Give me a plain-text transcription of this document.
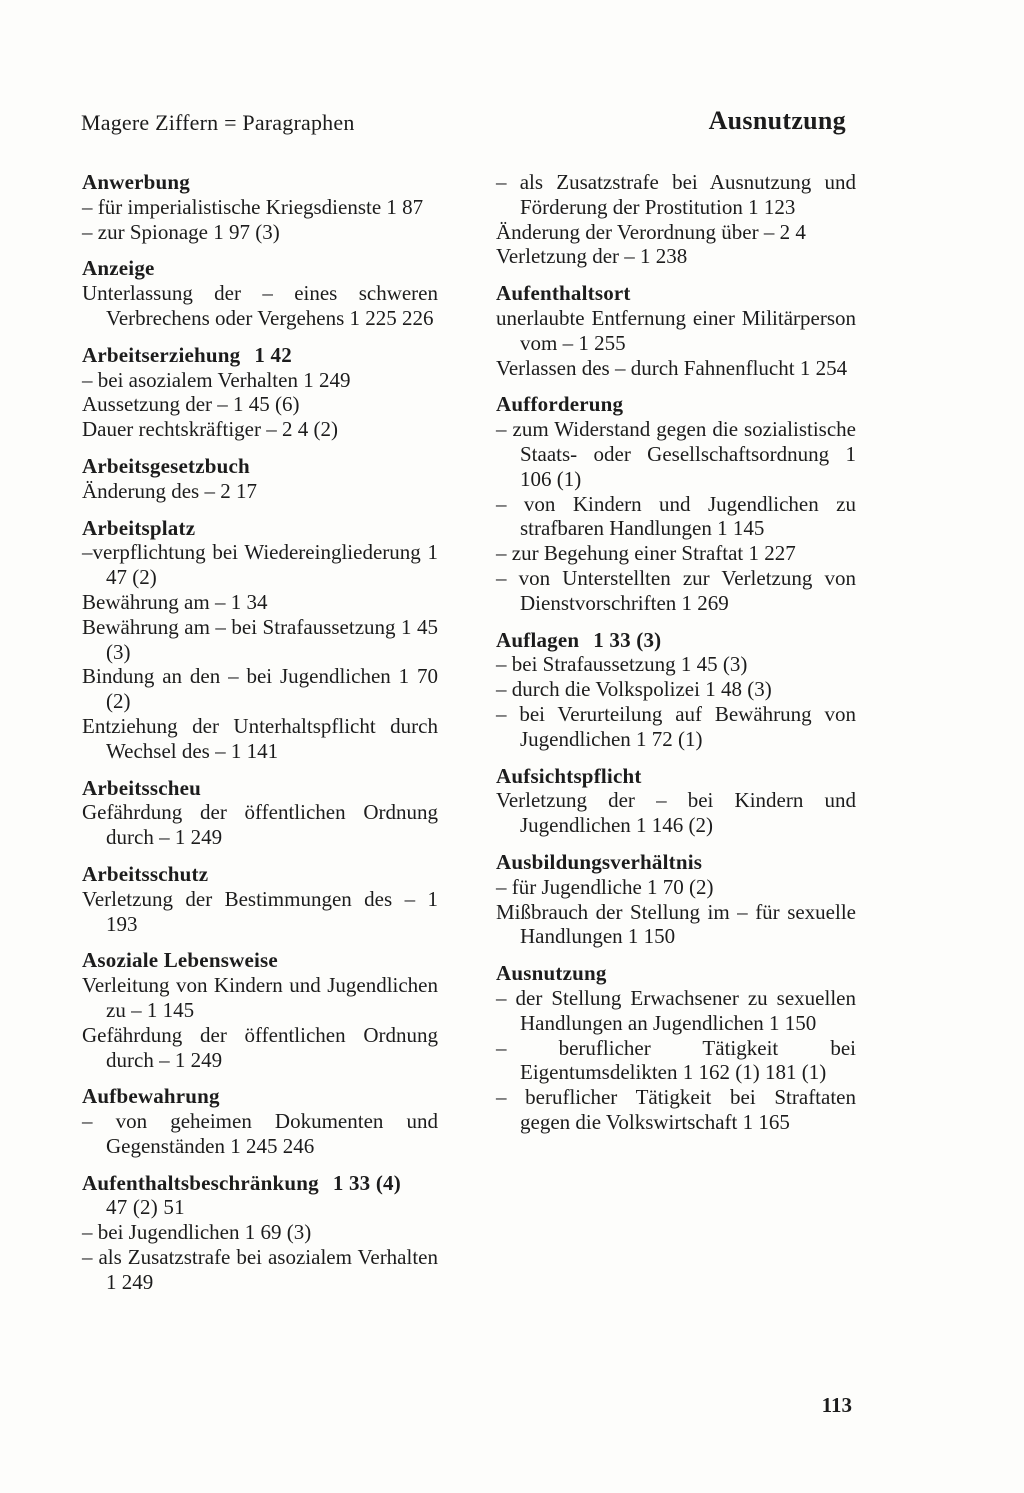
Magere Ziffern = Paragraphen	Ausnutzung
Anwerbung
– für imperialistische Kriegsdienste 1 87
– zur Spionage 1 97 (3)
Anzeige
Unterlassung der – eines schweren Verbrechens oder Vergehens 1 225 226
Arbeitserziehung 1 42
– bei asozialem Verhalten 1 249
Aussetzung der – 1 45 (6)
Dauer rechtskräftiger – 2 4 (2)
Arbeitsgesetzbuch
Änderung des – 2 17
Arbeitsplatz
–verpflichtung bei Wiedereingliederung 1 47 (2)
Bewährung am – 1 34
Bewährung am – bei Strafaussetzung 1 45 (3)
Bindung an den – bei Jugendlichen 1 70 (2)
Entziehung der Unterhaltspflicht durch Wechsel des – 1 141
Arbeitsscheu
Gefährdung der öffentlichen Ordnung durch – 1 249
Arbeitsschutz
Verletzung der Bestimmungen des – 1 193
Asoziale Lebensweise
Verleitung von Kindern und Jugendlichen zu – 1 145
Gefährdung der öffentlichen Ordnung durch – 1 249
Aufbewahrung
– von geheimen Dokumenten und Gegenständen 1 245 246
Aufenthaltsbeschränkung 1 33 (4)
47 (2) 51
– bei Jugendlichen 1 69 (3)
– als Zusatzstrafe bei asozialem Verhalten 1 249
– als Zusatzstrafe bei Ausnutzung und Förderung der Prostitution 1 123
Änderung der Verordnung über – 2 4
Verletzung der – 1 238
Aufenthaltsort
unerlaubte Entfernung einer Militärperson vom – 1 255
Verlassen des – durch Fahnenflucht 1 254
Aufforderung
– zum Widerstand gegen die sozialistische Staats- oder Gesellschaftsordnung 1 106 (1)
– von Kindern und Jugendlichen zu strafbaren Handlungen 1 145
– zur Begehung einer Straftat 1 227
– von Unterstellten zur Verletzung von Dienstvorschriften 1 269
Auflagen 1 33 (3)
– bei Strafaussetzung 1 45 (3)
– durch die Volkspolizei 1 48 (3)
– bei Verurteilung auf Bewährung von Jugendlichen 1 72 (1)
Aufsichtspflicht
Verletzung der – bei Kindern und Jugendlichen 1 146 (2)
Ausbildungsverhältnis
– für Jugendliche 1 70 (2)
Mißbrauch der Stellung im – für sexuelle Handlungen 1 150
Ausnutzung
– der Stellung Erwachsener zu sexuellen Handlungen an Jugendlichen 1 150
– beruflicher Tätigkeit bei Eigentumsdelikten 1 162 (1) 181 (1)
– beruflicher Tätigkeit bei Straftaten gegen die Volkswirtschaft 1 165
113
